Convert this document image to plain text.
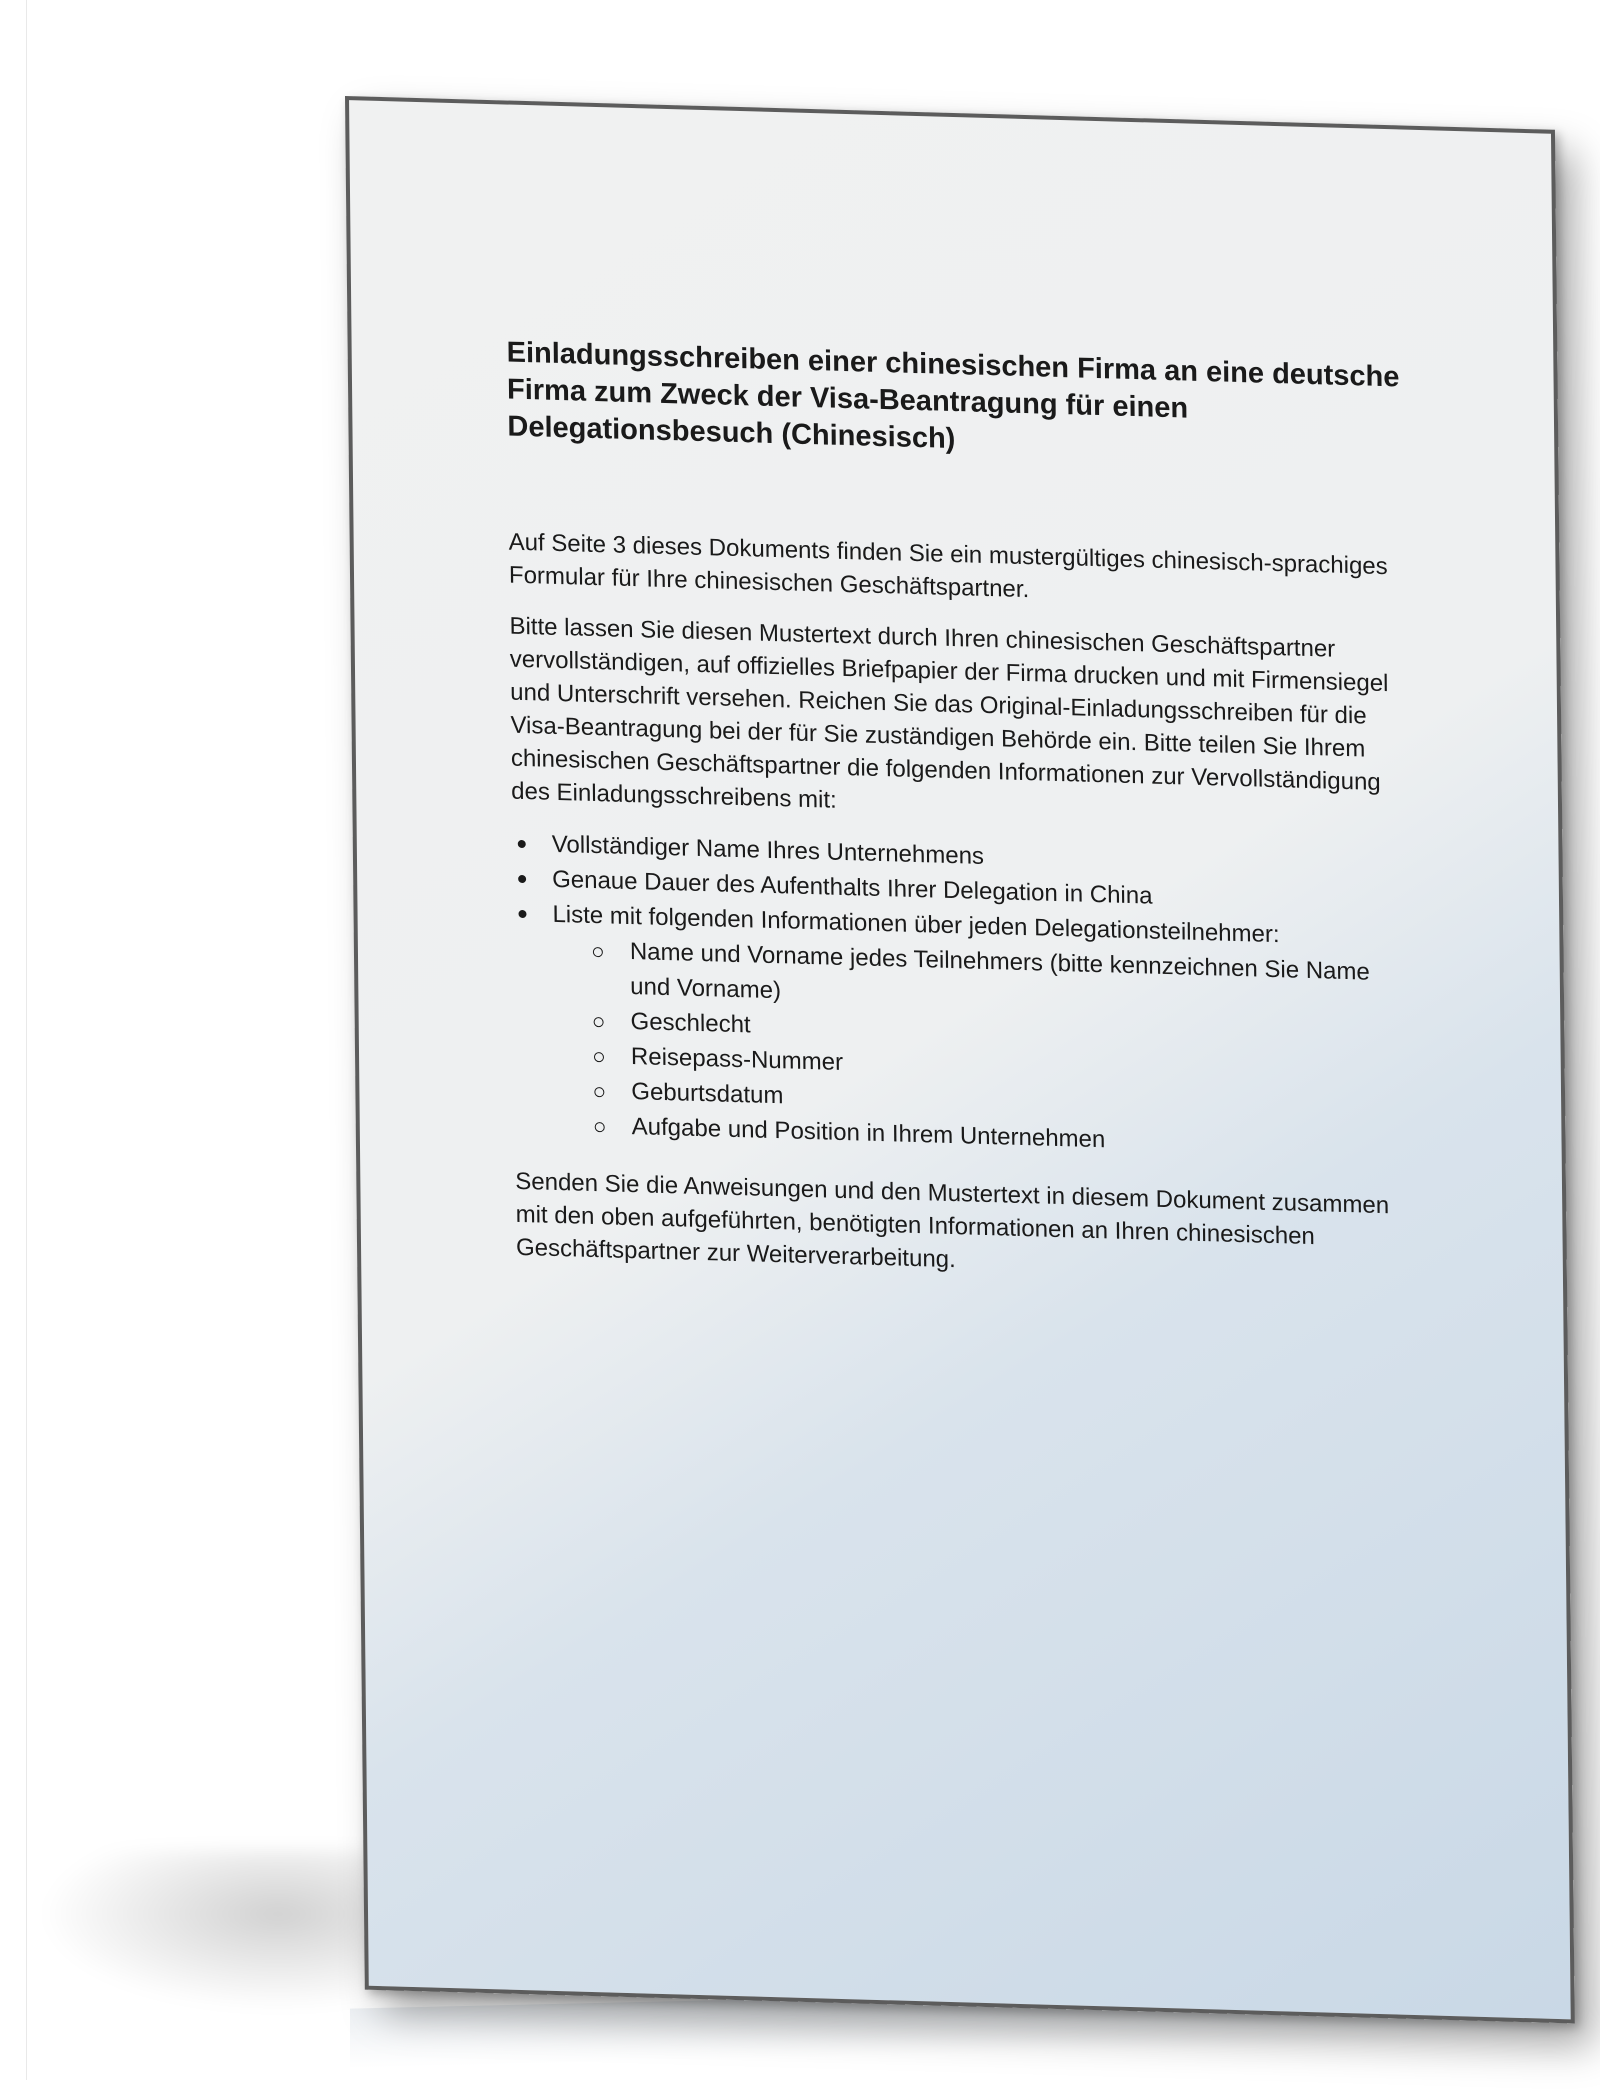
Einladungsschreiben einer chinesischen Firma an eine deutsche Firma zum Zweck der Visa-Beantragung für einen Delegationsbesuch (Chinesisch)

Auf Seite 3 dieses Dokuments finden Sie ein mustergültiges chinesisch-sprachiges Formular für Ihre chinesischen Geschäftspartner.

Bitte lassen Sie diesen Mustertext durch Ihren chinesischen Geschäftspartner vervollständigen, auf offizielles Briefpapier der Firma drucken und mit Firmensiegel und Unterschrift versehen. Reichen Sie das Original-Einladungsschreiben für die Visa-Beantragung bei der für Sie zuständigen Behörde ein. Bitte teilen Sie Ihrem chinesischen Geschäftspartner die folgenden Informationen zur Vervollständigung des Einladungsschreibens mit:

Vollständiger Name Ihres Unternehmens
Genaue Dauer des Aufenthalts Ihrer Delegation in China
Liste mit folgenden Informationen über jeden Delegationsteilnehmer:
Name und Vorname jedes Teilnehmers (bitte kennzeichnen Sie Name und Vorname)
Geschlecht
Reisepass-Nummer
Geburtsdatum
Aufgabe und Position in Ihrem Unternehmen

Senden Sie die Anweisungen und den Mustertext in diesem Dokument zusammen mit den oben aufgeführten, benötigten Informationen an Ihren chinesischen Geschäftspartner zur Weiterverarbeitung.
